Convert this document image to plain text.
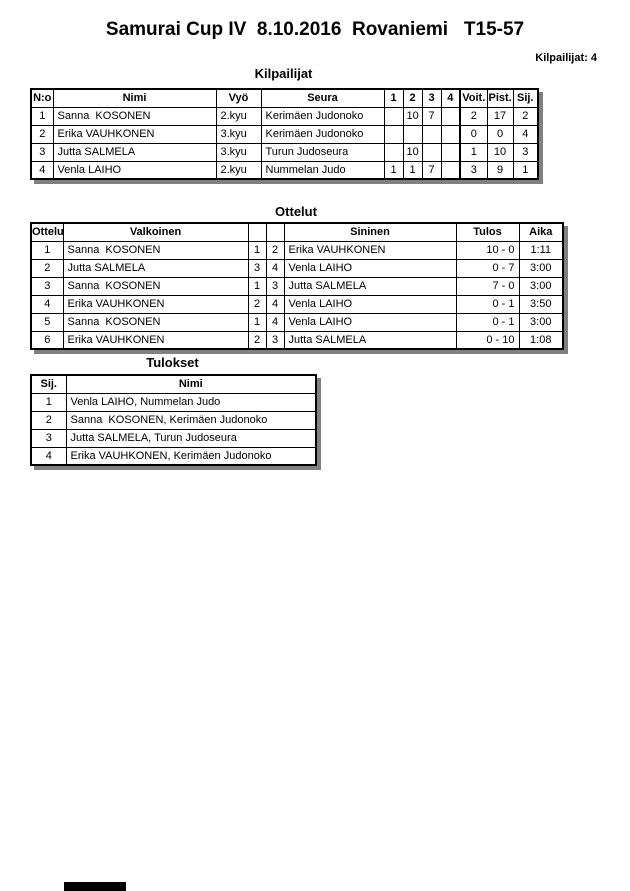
Samurai Cup IV  8.10.2016  Rovaniemi   T15-57
Kilpailijat: 4
Kilpailijat
N:o	Nimi	Vyö	Seura	1	2	3	4	Voit.	Pist.	Sij.
1	Sanna  KOSONEN	2.kyu	Kerimäen Judonoko		10	7		2	17	2
2	Erika VAUHKONEN	3.kyu	Kerimäen Judonoko					0	0	4
3	Jutta SALMELA	3.kyu	Turun Judoseura		10			1	10	3
4	Venla LAIHO	2.kyu	Nummelan Judo	1	1	7		3	9	1
Ottelut
Ottelu	Valkoinen			Sininen	Tulos	Aika
1	Sanna  KOSONEN	1	2	Erika VAUHKONEN	10 - 0	1:11
2	Jutta SALMELA	3	4	Venla LAIHO	0 - 7	3:00
3	Sanna  KOSONEN	1	3	Jutta SALMELA	7 - 0	3:00
4	Erika VAUHKONEN	2	4	Venla LAIHO	0 - 1	3:50
5	Sanna  KOSONEN	1	4	Venla LAIHO	0 - 1	3:00
6	Erika VAUHKONEN	2	3	Jutta SALMELA	0 - 10	1:08
Tulokset
Sij.	Nimi
1	Venla LAIHO, Nummelan Judo
2	Sanna  KOSONEN, Kerimäen Judonoko
3	Jutta SALMELA, Turun Judoseura
4	Erika VAUHKONEN, Kerimäen Judonoko
